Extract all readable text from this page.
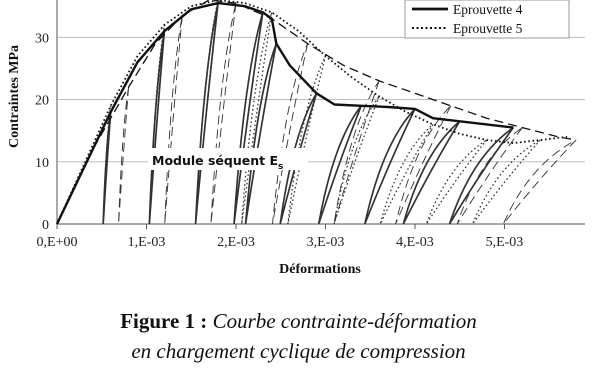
0
10
20
30
0,E+00	1,E-03	2,E-03	3,E-03	4,E-03	5,E-03
Contraintes MPa
Déformations
Module séquent $E_s$
Eprouvette 4
Eprouvette 5
Figure 1 : Courbe contrainte-déformation
en chargement cyclique de compression
